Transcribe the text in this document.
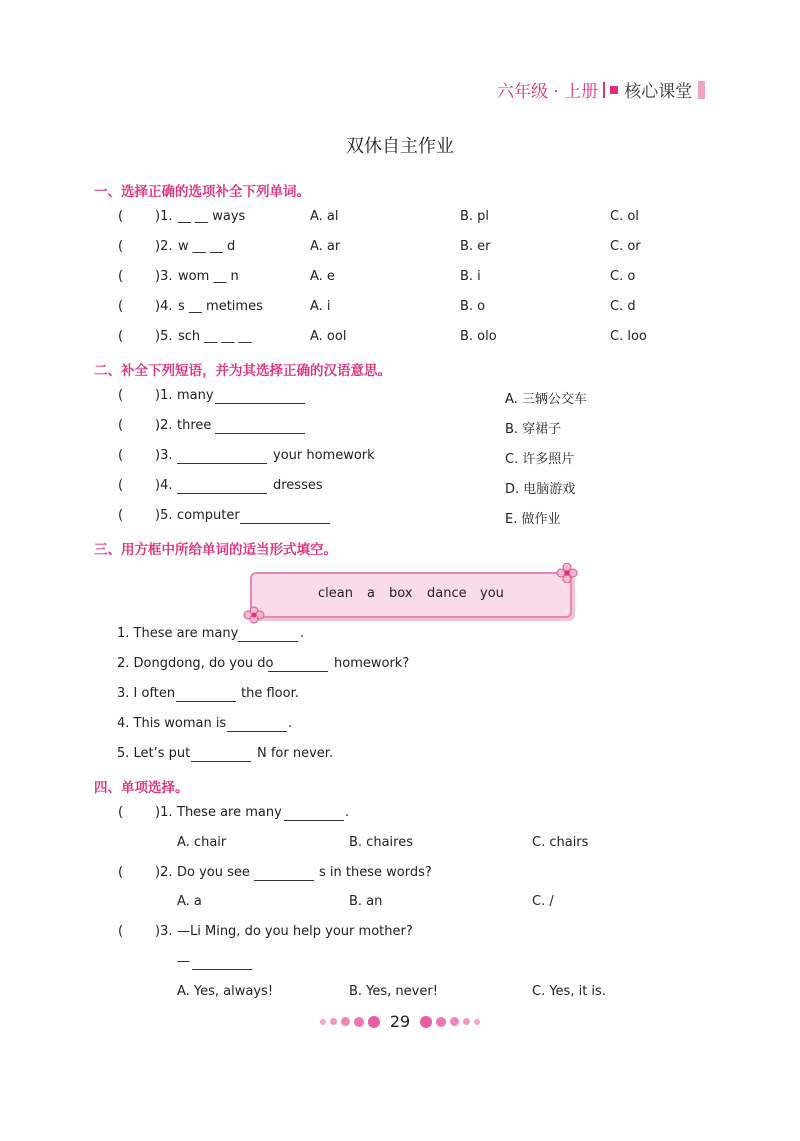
六年级 · 上册 核心课堂
双休自主作业
一、选择正确的选项补全下列单词。
( )1. __ __ ways	A. al	B. pl	C. ol
( )2. w __ __ d	A. ar	B. er	C. or
( )3. wom __ n	A. e	B. i	C. o
( )4. s __ metimes	A. i	B. o	C. d
( )5. sch __ __ __	A. ool	B. olo	C. loo
二、补全下列短语，并为其选择正确的汉语意思。
( )1. many	A. 三辆公交车
( )2. three	B. 穿裙子
( )3.	your homework	C. 许多照片
( )4.	dresses	D. 电脑游戏
( )5. computer	E. 做作业
三、用方框中所给单词的适当形式填空。
clean a box dance you
1. These are many	.
2. Dongdong, do you do	homework?
3. I often	the floor.
4. This woman is	.
5. Let’s put	N for never.
四、单项选择。
( )1. These are many	.
A. chair	B. chaires	C. chairs
( )2. Do you see	s in these words?
A. a	B. an	C. /
( )3. —Li Ming, do you help your mother?
—
A. Yes, always!	B. Yes, never!	C. Yes, it is.
29
